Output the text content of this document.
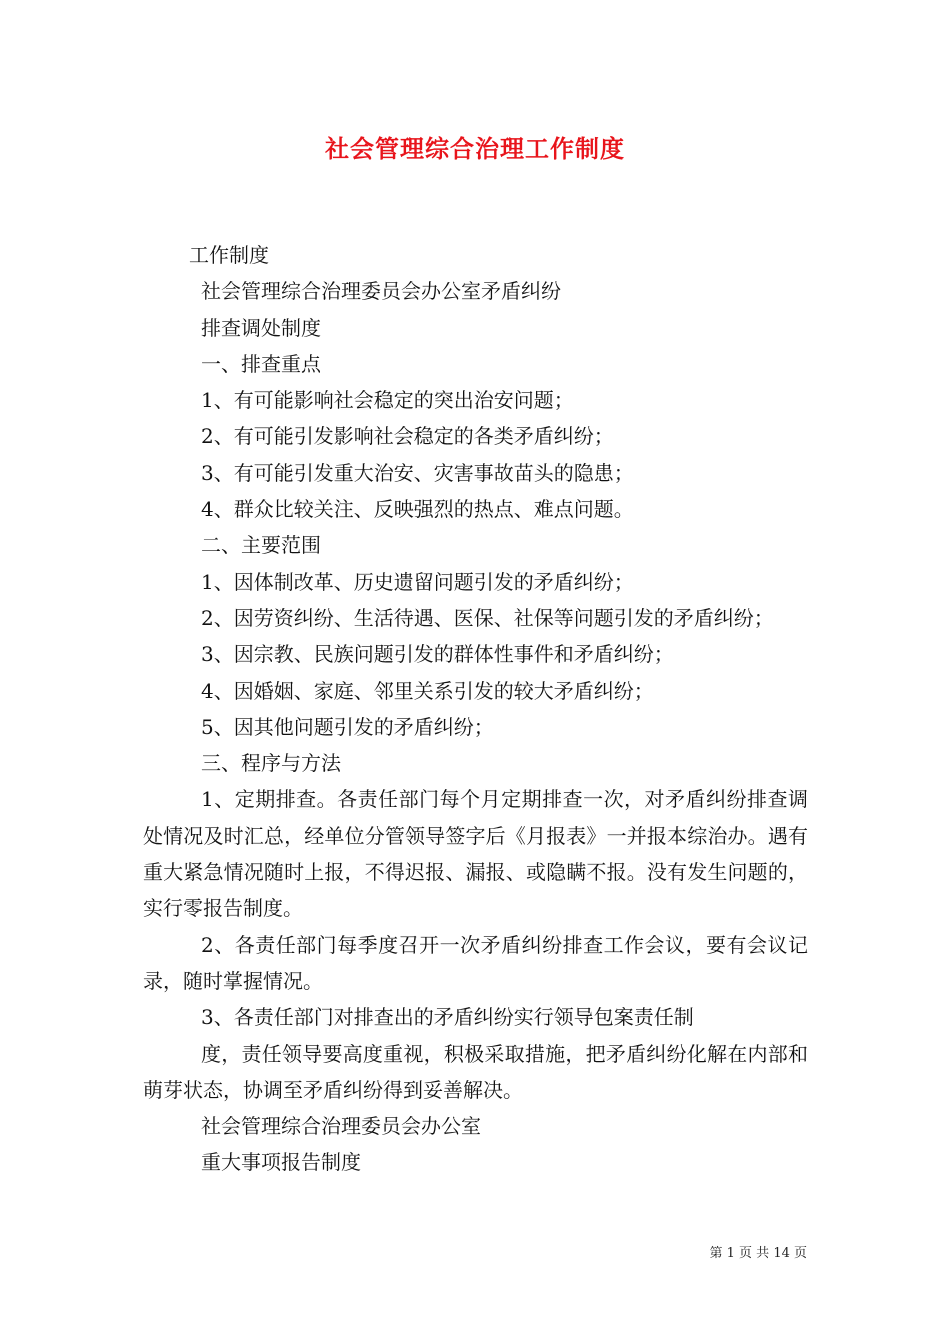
社会管理综合治理工作制度

工作制度

社会管理综合治理委员会办公室矛盾纠纷

排查调处制度

一、排查重点

1、有可能影响社会稳定的突出治安问题；

2、有可能引发影响社会稳定的各类矛盾纠纷；

3、有可能引发重大治安、灾害事故苗头的隐患；

4、群众比较关注、反映强烈的热点、难点问题。

二、主要范围

1、因体制改革、历史遗留问题引发的矛盾纠纷；

2、因劳资纠纷、生活待遇、医保、社保等问题引发的矛盾纠纷；

3、因宗教、民族问题引发的群体性事件和矛盾纠纷；

4、因婚姻、家庭、邻里关系引发的较大矛盾纠纷；

5、因其他问题引发的矛盾纠纷；

三、程序与方法

1、定期排查。各责任部门每个月定期排查一次，对矛盾纠纷排查调处情况及时汇总，经单位分管领导签字后《月报表》一并报本综治办。遇有重大紧急情况随时上报，不得迟报、漏报、或隐瞒不报。没有发生问题的，实行零报告制度。

2、各责任部门每季度召开一次矛盾纠纷排查工作会议，要有会议记录，随时掌握情况。

3、各责任部门对排查出的矛盾纠纷实行领导包案责任制

度，责任领导要高度重视，积极采取措施，把矛盾纠纷化解在内部和萌芽状态，协调至矛盾纠纷得到妥善解决。

社会管理综合治理委员会办公室

重大事项报告制度

第 1 页 共 14 页
